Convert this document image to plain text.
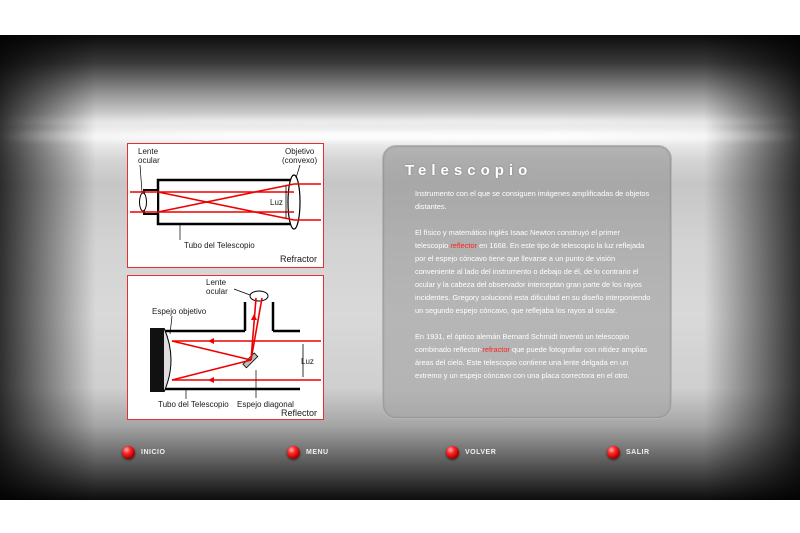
Luz
Lente
ocular
Objetivo
(convexo)
Tubo del Telescopio
Refractor
Luz
Lente
ocular
Espejo objetivo
Tubo del Telescopio Espejo diagonal
Reflector
Telescopio

Instrumento con el que se consiguen imágenes amplificadas de objetos distantes.

El físico y matemático inglés Isaac Newton construyó el primer telescopio reflector en 1668. En este tipo de telescopio la luz reflejada por el espejo cóncavo tiene que llevarse a un punto de visión conveniente al lado del instrumento o debajo de él, de lo contrario el ocular y la cabeza del observador interceptan gran parte de los rayos incidentes. Gregory solucionó esta dificultad en su diseño interponiendo un segundo espejo cóncavo, que reflejaba los rayos al ocular.

En 1931, el óptico alemán Bernard Schmidt inventó un telescopio combinado reflector-refractor que puede fotografiar con nitidez amplias áreas del cielo. Este telescopio contiene una lente delgada en un extremo y un espejo cóncavo con una placa correctora en el otro.

INICIO	MENU	VOLVER	SALIR
